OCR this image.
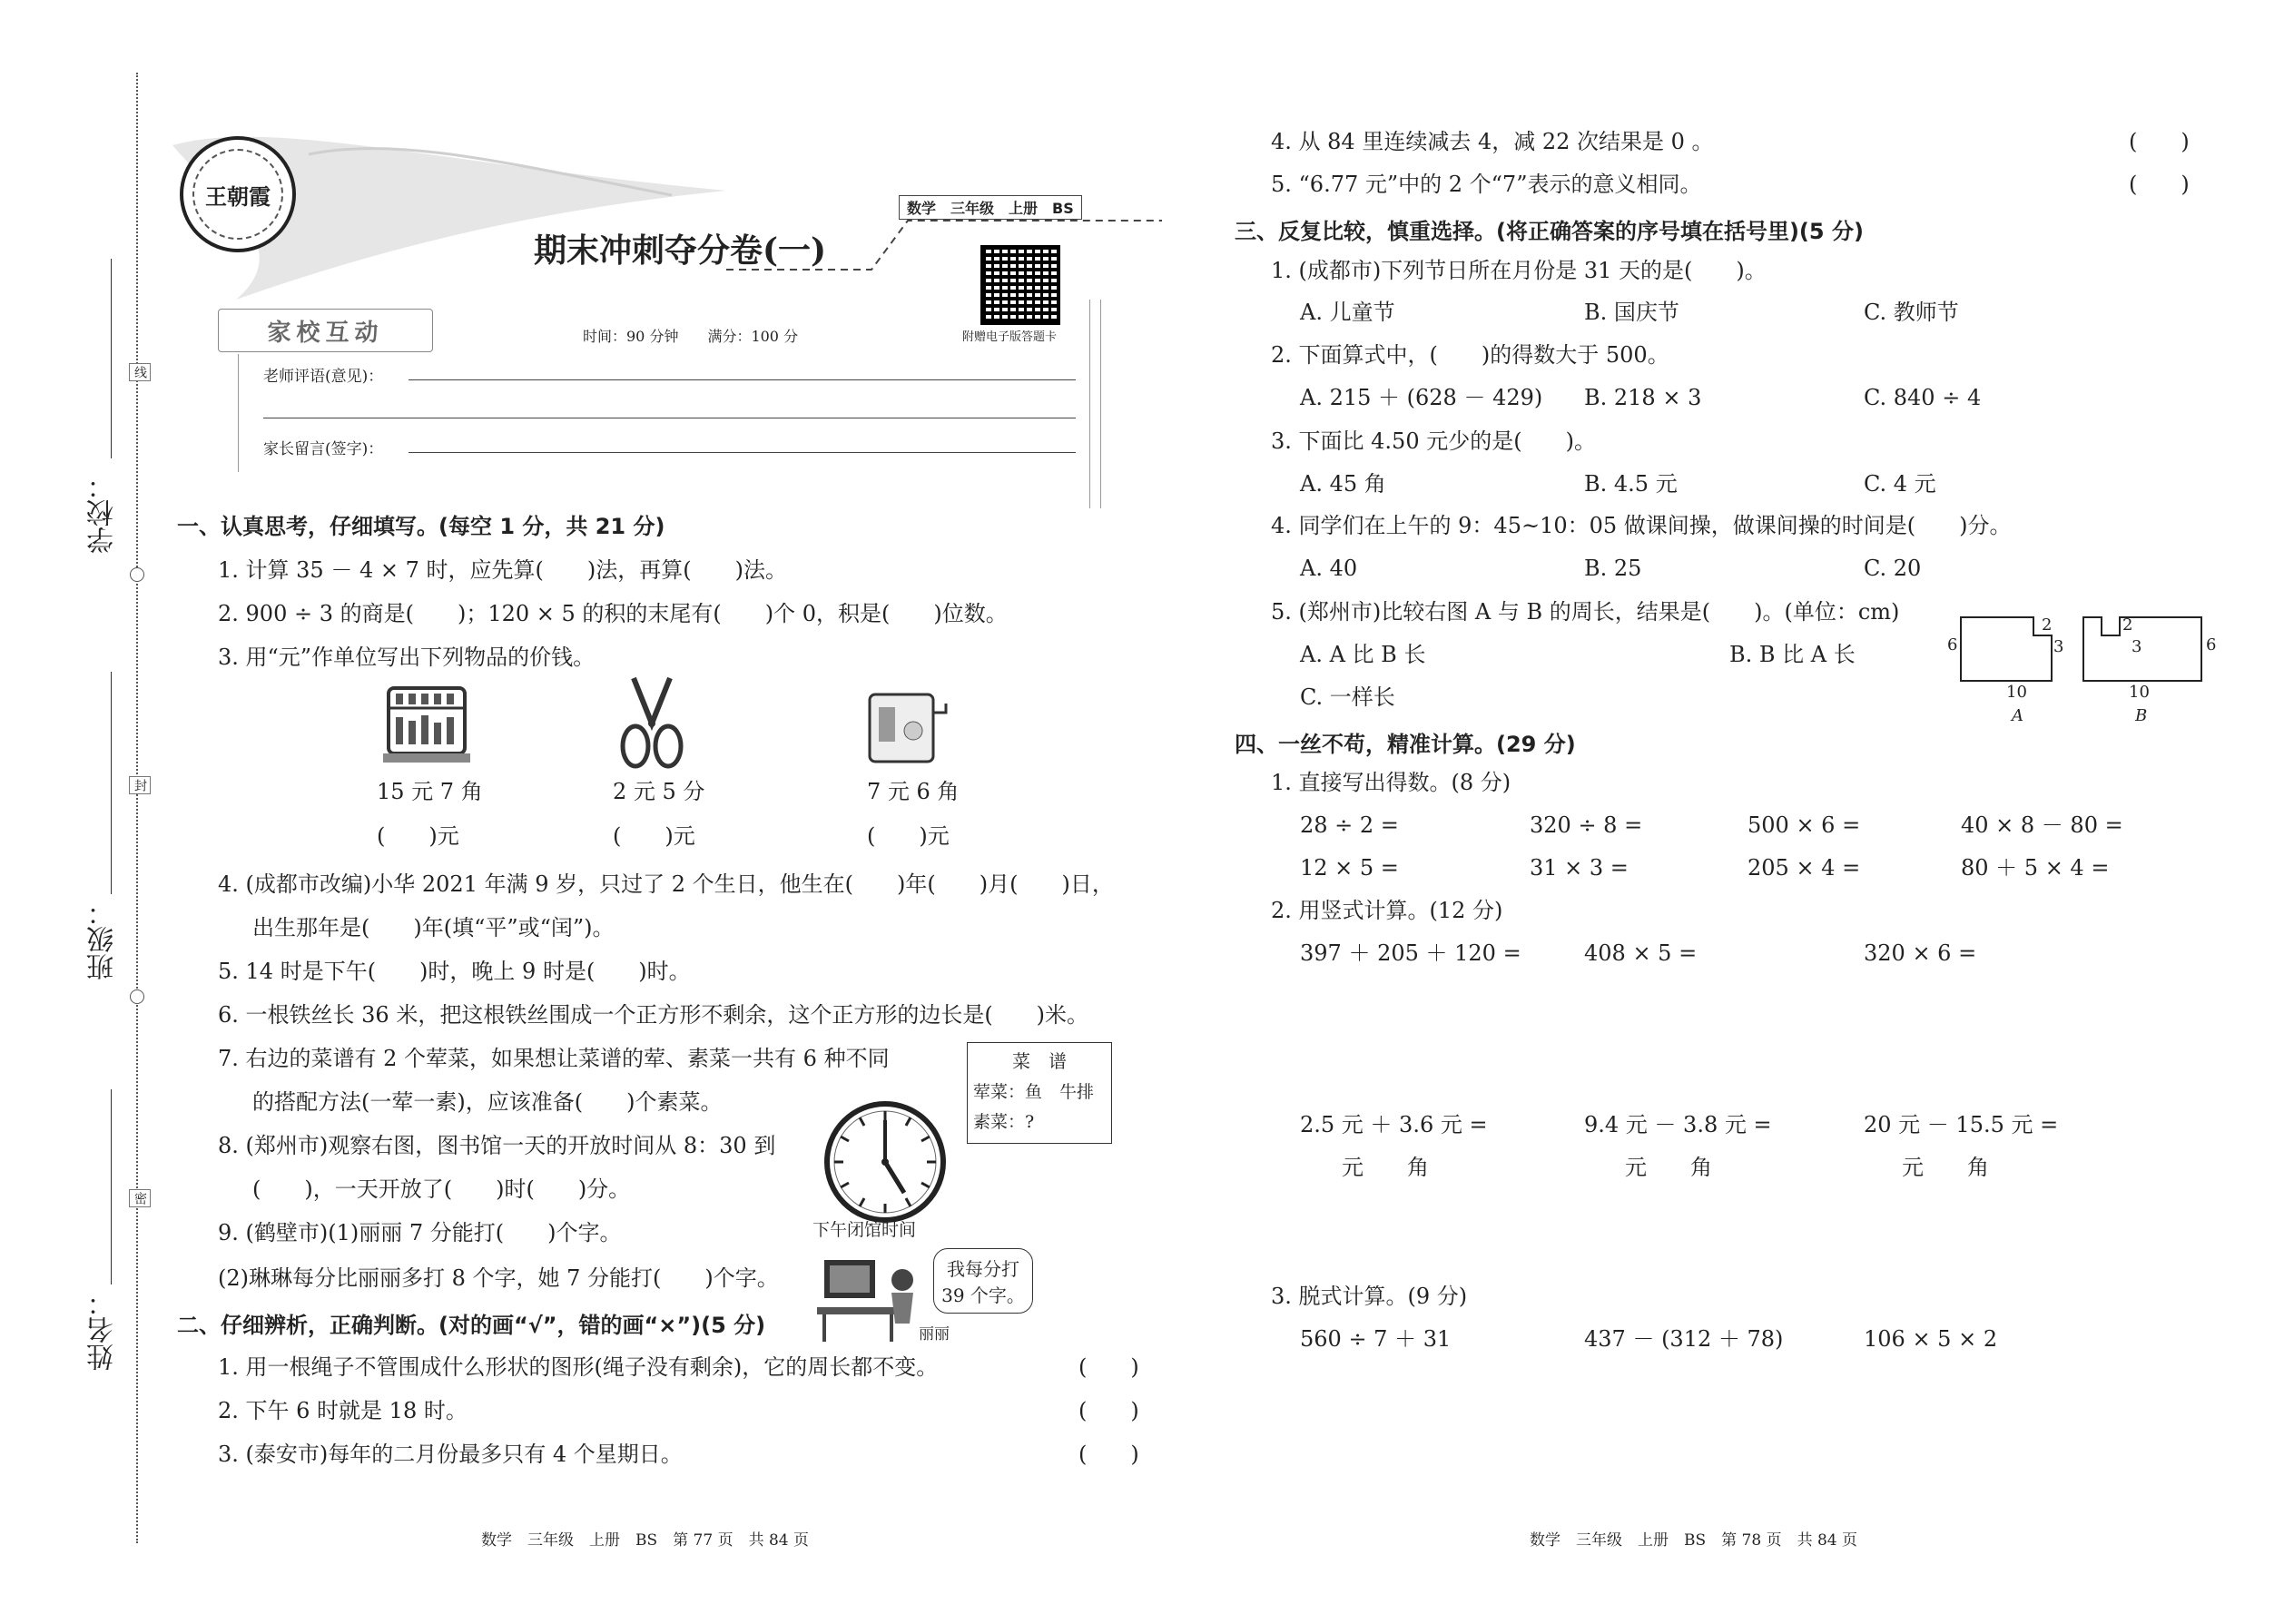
线
封
密
学校：
班级：
姓名：
王朝霞	数学　三年级　上册　BS
期末冲刺夺分卷(一)
附赠电子版答题卡
家校互动	时间：90 分钟　　满分：100 分
老师评语(意见)：
家长留言(签字)：
一、认真思考，仔细填写。(每空 1 分，共 21 分)
1. 计算 35 － 4 × 7 时，应先算(　　)法，再算(　　)法。
2. 900 ÷ 3 的商是(　　)；120 × 5 的积的末尾有(　　)个 0，积是(　　)位数。
3. 用“元”作单位写出下列物品的价钱。
15 元 7 角	2 元 5 分	7 元 6 角
(　　)元	(　　)元	(　　)元
4. (成都市改编)小华 2021 年满 9 岁，只过了 2 个生日，他生在(　　)年(　　)月(　　)日，
出生那年是(　　)年(填“平”或“闰”)。
5. 14 时是下午(　　)时，晚上 9 时是(　　)时。
6. 一根铁丝长 36 米，把这根铁丝围成一个正方形不剩余，这个正方形的边长是(　　)米。
7. 右边的菜谱有 2 个荤菜，如果想让菜谱的荤、素菜一共有 6 种不同
的搭配方法(一荤一素)，应该准备(　　)个素菜。
菜　谱
荤菜：鱼　牛排
素菜：?
8. (郑州市)观察右图，图书馆一天的开放时间从 8：30 到
(　　)，一天开放了(　　)时(　　)分。
下午闭馆时间
9. (鹤壁市)(1)丽丽 7 分能打(　　)个字。
(2)琳琳每分比丽丽多打 8 个字，她 7 分能打(　　)个字。	我每分打
39 个字。
丽丽
二、仔细辨析，正确判断。(对的画“√”，错的画“×”)(5 分)
1. 用一根绳子不管围成什么形状的图形(绳子没有剩余)，它的周长都不变。	(　　)
2. 下午 6 时就是 18 时。	(　　)
3. (泰安市)每年的二月份最多只有 4 个星期日。	(　　)
数学　三年级　上册　BS　第 77 页　共 84 页
4. 从 84 里连续减去 4，减 22 次结果是 0 。	(　　)
5. “6.77 元”中的 2 个“7”表示的意义相同。	(　　)
三、反复比较，慎重选择。(将正确答案的序号填在括号里)(5 分)
1. (成都市)下列节日所在月份是 31 天的是(　　)。
A. 儿童节	B. 国庆节	C. 教师节
2. 下面算式中，(　　)的得数大于 500。
A. 215 ＋ (628 － 429) B. 218 × 3	C. 840 ÷ 4
3. 下面比 4.50 元少的是(　　)。
A. 45 角	B. 4.5 元	C. 4 元
4. 同学们在上午的 9：45~10：05 做课间操，做课间操的时间是(　　)分。
A. 40	B. 25	C. 20
5. (郑州市)比较右图 A 与 B 的周长，结果是(　　)。(单位：cm)
A. A 比 B 长	B. B 比 A 长
C. 一样长
6
2
3
10
A
2
3	6
10
B
四、一丝不苟，精准计算。(29 分)
1. 直接写出得数。(8 分)
28 ÷ 2 =	320 ÷ 8 =	500 × 6 =	40 × 8 － 80 =
12 × 5 =	31 × 3 =	205 × 4 =	80 ＋ 5 × 4 =
2. 用竖式计算。(12 分)
397 ＋ 205 ＋ 120 =	408 × 5 =	320 × 6 =
2.5 元 ＋ 3.6 元 =	9.4 元 － 3.8 元 =	20 元 － 15.5 元 =
元　　角	元　　角	元　　角
3. 脱式计算。(9 分)
560 ÷ 7 ＋ 31	437 － (312 ＋ 78)	106 × 5 × 2
数学　三年级　上册　BS　第 78 页　共 84 页
